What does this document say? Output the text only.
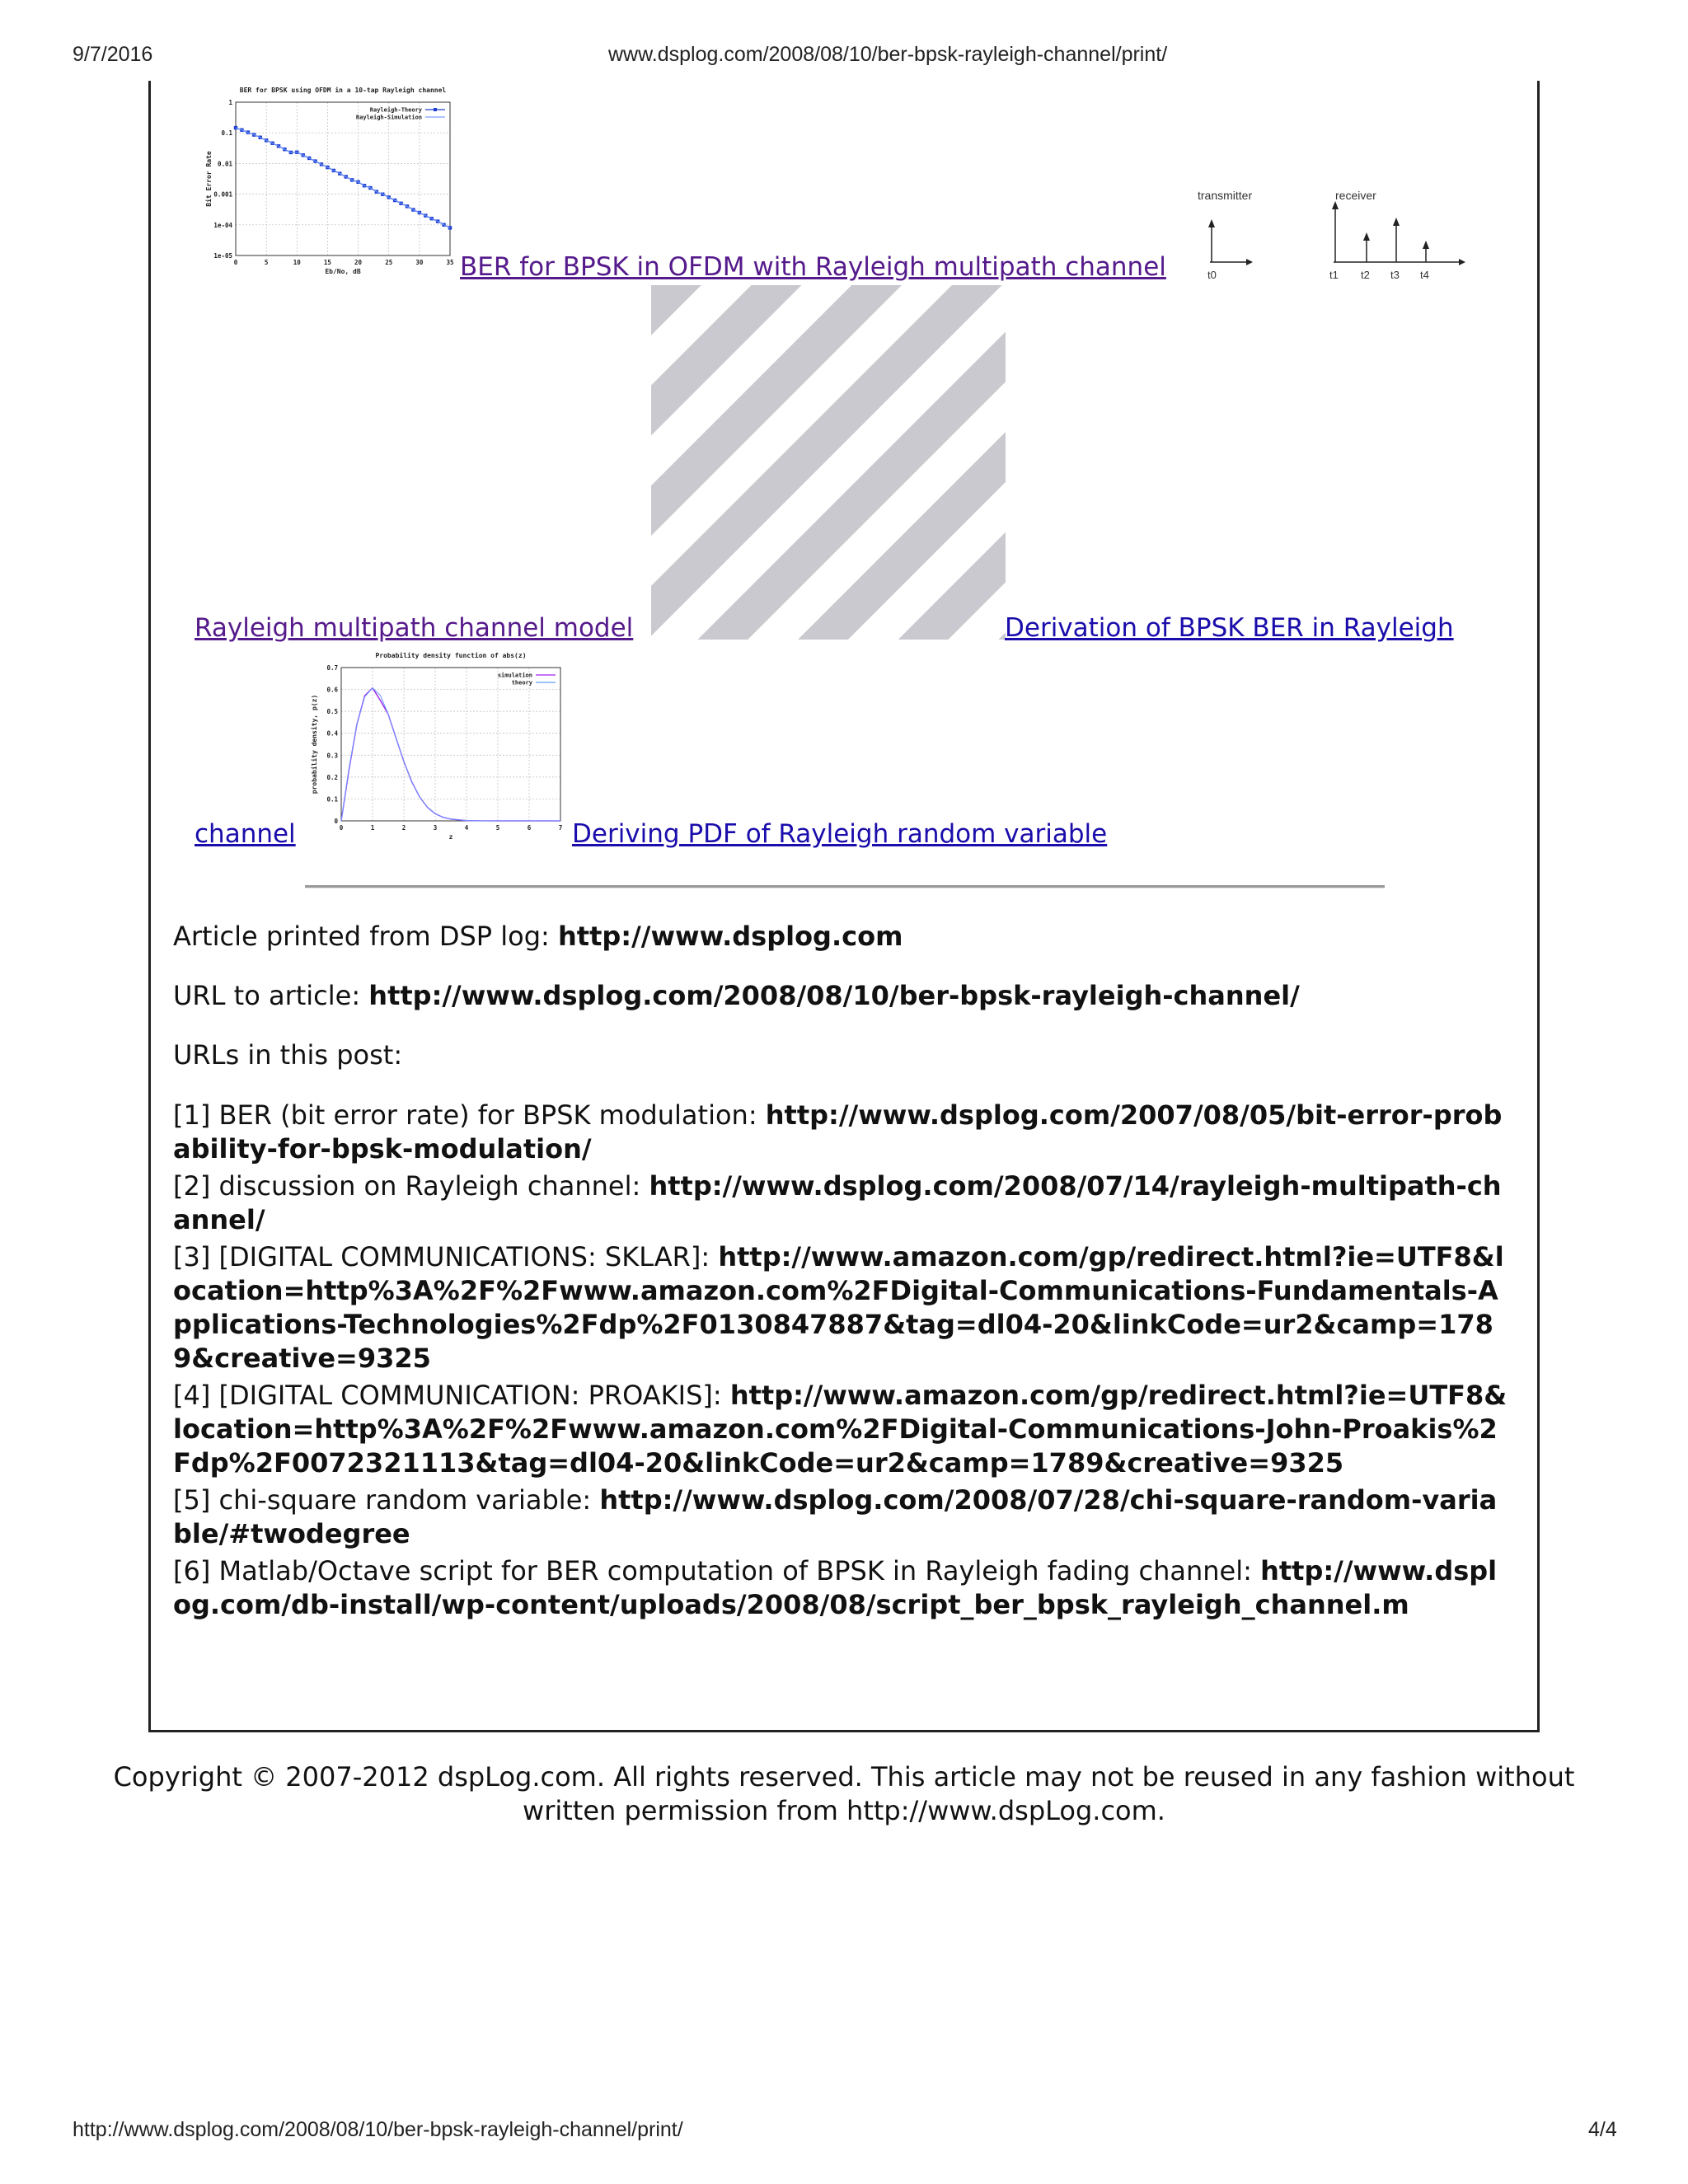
9/7/2016	www.dsplog.com/2008/08/10/ber-bpsk-rayleigh-channel/print/
http://www.dsplog.com/2008/08/10/ber-bpsk-rayleigh-channel/print/	4/4
BER for BPSK using OFDM in a 10-tap Rayleigh channel
0	5	10	15	20	25	30	35
1
0.1
0.01
0.001
1e-04
1e-05
Eb/No, dB
Bit Error Rate
Rayleigh-Theory
Rayleigh-Simulation
BER for BPSK in OFDM with Rayleigh multipath channel
transmitter	receiver
t0	t1 t2 t3 t4
Rayleigh multipath channel model	Derivation of BPSK BER in Rayleigh
Probability density function of abs(z)
0	1	2	3	4	5	6	7
0
0.1
0.2
0.3
0.4
0.5
0.6
0.7
z
probability density, p(z)
simulation
theory
channel	Deriving PDF of Rayleigh random variable
Article printed from DSP log: http://www.dsplog.com
URL to article: http://www.dsplog.com/2008/08/10/ber-bpsk-rayleigh-channel/
URLs in this post:
[1] BER (bit error rate) for BPSK modulation: http://www.dsplog.com/2007/08/05/bit-error-probability-for-bpsk-modulation/
[2] discussion on Rayleigh channel: http://www.dsplog.com/2008/07/14/rayleigh-multipath-channel/
[3] [DIGITAL COMMUNICATIONS: SKLAR]: http://www.amazon.com/gp/redirect.html?ie=UTF8&location=http%3A%2F%2Fwww.amazon.com%2FDigital-Communications-Fundamentals-Applications-Technologies%2Fdp%2F0130847887&tag=dl04-20&linkCode=ur2&camp=1789&creative=9325
[4] [DIGITAL COMMUNICATION: PROAKIS]: http://www.amazon.com/gp/redirect.html?ie=UTF8&location=http%3A%2F%2Fwww.amazon.com%2FDigital-Communications-John-Proakis%2Fdp%2F0072321113&tag=dl04-20&linkCode=ur2&camp=1789&creative=9325
[5] chi-square random variable: http://www.dsplog.com/2008/07/28/chi-square-random-variable/#twodegree
[6] Matlab/Octave script for BER computation of BPSK in Rayleigh fading channel: http://www.dsplog.com/db-install/wp-content/uploads/2008/08/script_ber_bpsk_rayleigh_channel.m
Copyright © 2007-2012 dspLog.com. All rights reserved. This article may not be reused in any fashion without written permission from http://www.dspLog.com.
